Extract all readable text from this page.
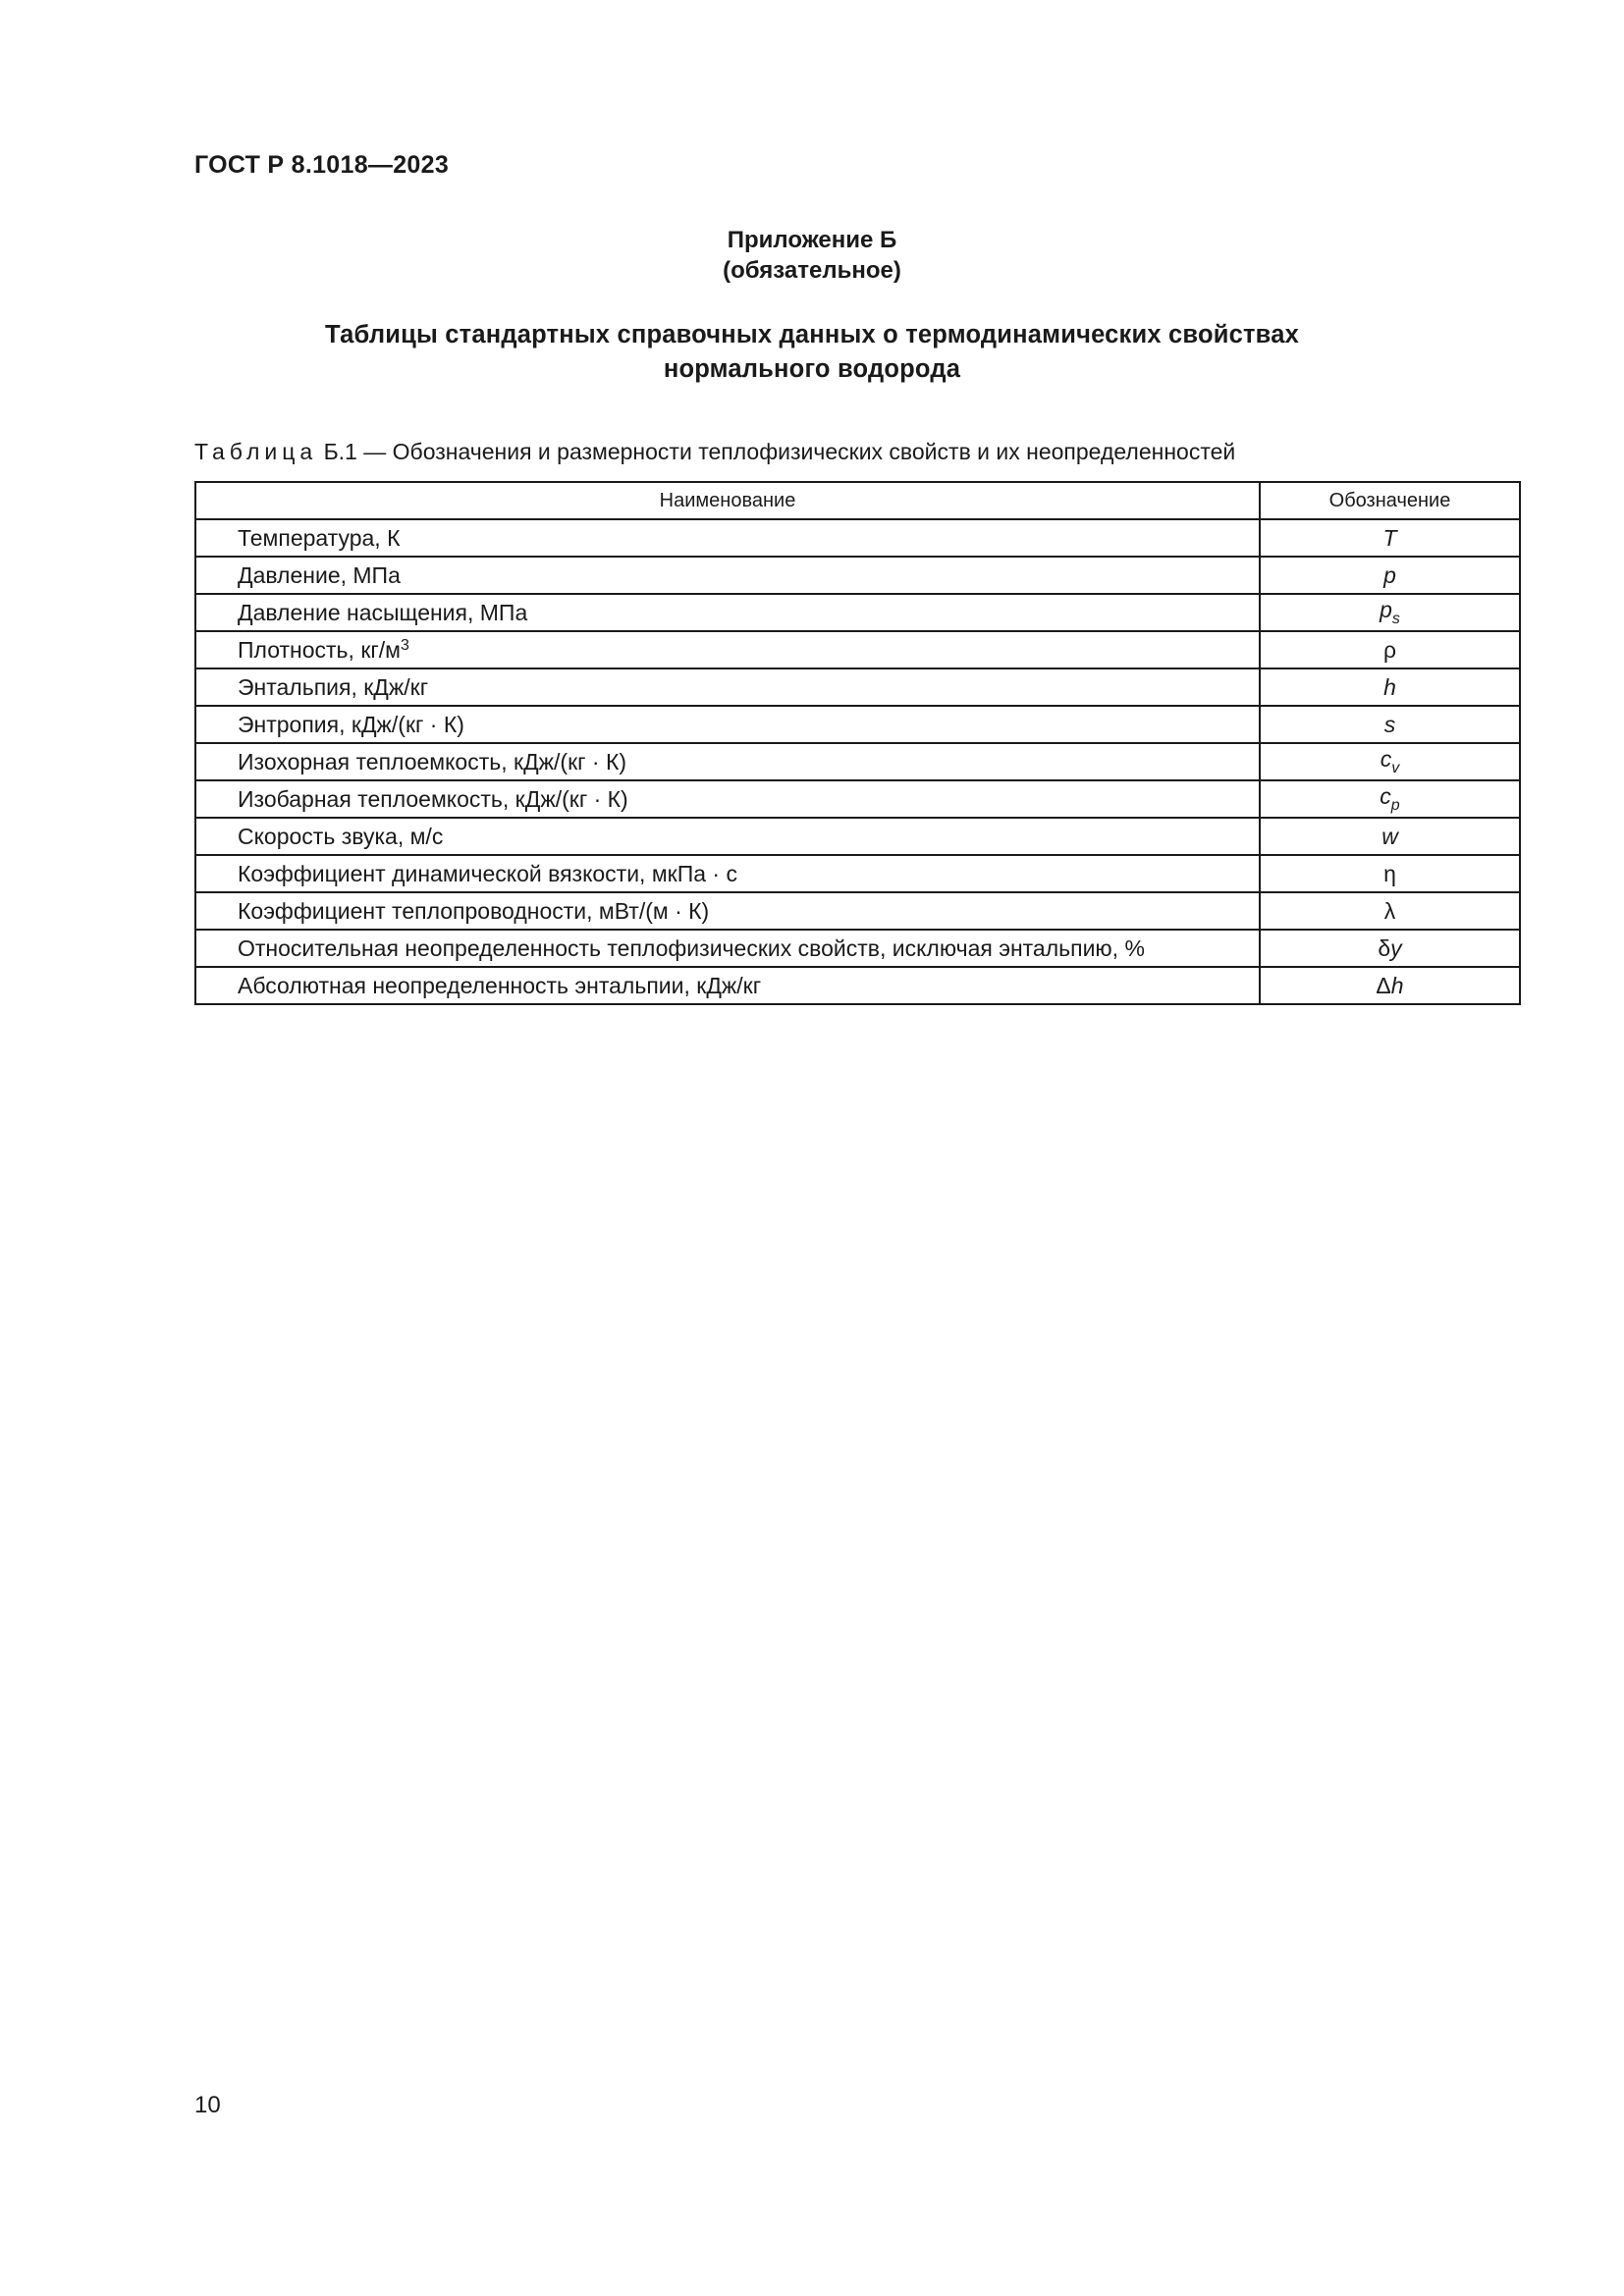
ГОСТ Р 8.1018—2023
Приложение Б
(обязательное)
Таблицы стандартных справочных данных о термодинамических свойствах
нормального водорода
Таблица Б.1 — Обозначения и размерности теплофизических свойств и их неопределенностей
Наименование	Обозначение
Температура, К	T
Давление, МПа	p
Давление насыщения, МПа	$p_s$
Плотность, $кг/м^3$	ρ
Энтальпия, кДж/кг	h
Энтропия, кДж/(кг · К)	s
Изохорная теплоемкость, кДж/(кг · К)	$c_v$
Изобарная теплоемкость, кДж/(кг · К)	$c_p$
Скорость звука, м/с	w
Коэффициент динамической вязкости, мкПа · с	η
Коэффициент теплопроводности, мВт/(м · К)	λ
Относительная неопределенность теплофизических свойств, исключая энтальпию, %	δy
Абсолютная неопределенность энтальпии, кДж/кг	Δh
10
